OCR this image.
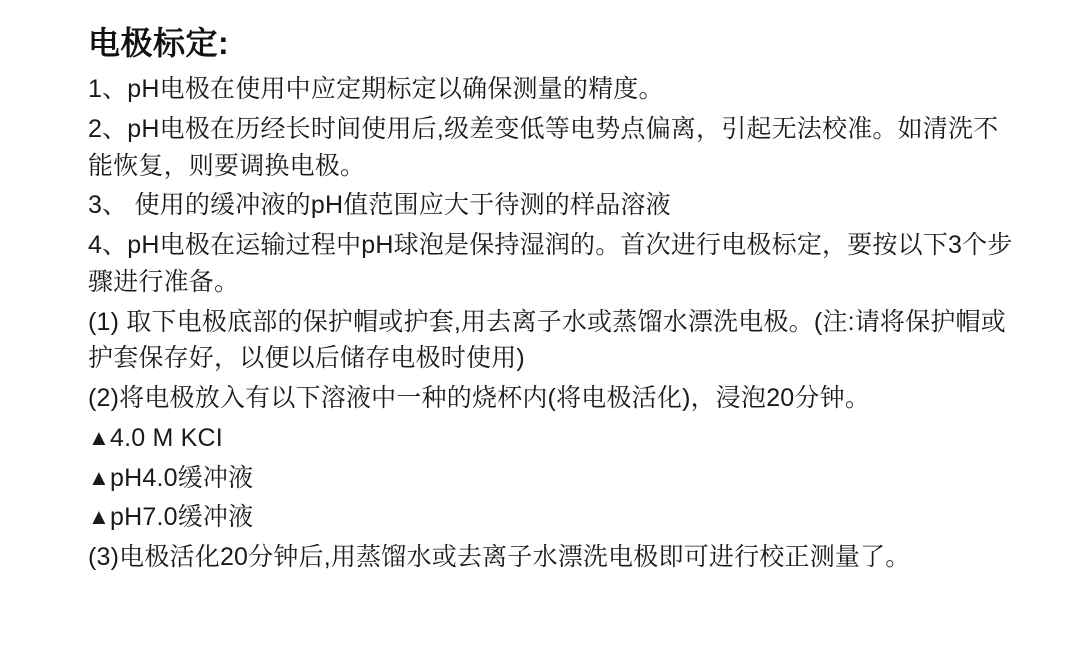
电极标定:

1、pH电极在使用中应定期标定以确保测量的精度。

2、pH电极在历经长时间使用后,级差变低等电势点偏离，引起无法校准。如清洗不能恢复，则要调换电极。

3、 使用的缓冲液的pH值范围应大于待测的样品溶液

4、pH电极在运输过程中pH球泡是保持湿润的。首次进行电极标定，要按以下3个步骤进行准备。

(1) 取下电极底部的保护帽或护套,用去离子水或蒸馏水漂洗电极。(注:请将保护帽或护套保存好，以便以后储存电极时使用)

(2)将电极放入有以下溶液中一种的烧杯内(将电极活化)，浸泡20分钟。

▲4.0 M KCI

▲pH4.0缓冲液

▲pH7.0缓冲液

(3)电极活化20分钟后,用蒸馏水或去离子水漂洗电极即可进行校正测量了。
